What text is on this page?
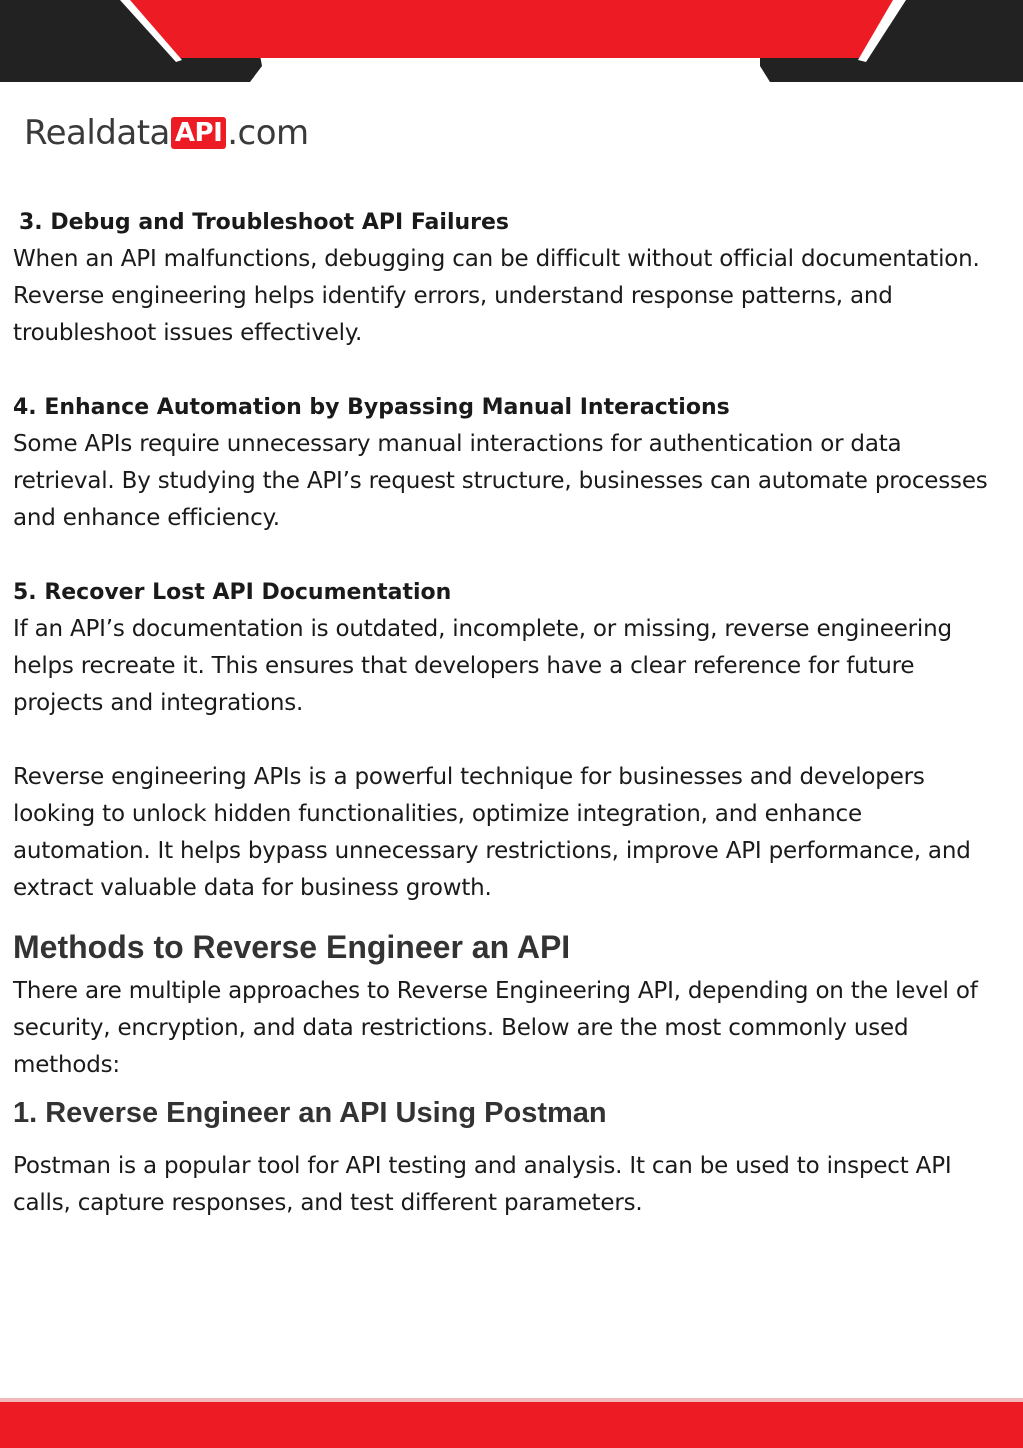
Realdata API .com

3. Debug and Troubleshoot API Failures

When an API malfunctions, debugging can be difficult without official documentation. Reverse engineering helps identify errors, understand response patterns, and troubleshoot issues effectively.

4. Enhance Automation by Bypassing Manual Interactions

Some APIs require unnecessary manual interactions for authentication or data retrieval. By studying the API’s request structure, businesses can automate processes and enhance efficiency.

5. Recover Lost API Documentation

If an API’s documentation is outdated, incomplete, or missing, reverse engineering helps recreate it. This ensures that developers have a clear reference for future projects and integrations.

Reverse engineering APIs is a powerful technique for businesses and developers looking to unlock hidden functionalities, optimize integration, and enhance automation. It helps bypass unnecessary restrictions, improve API performance, and extract valuable data for business growth.

Methods to Reverse Engineer an API

There are multiple approaches to Reverse Engineering API, depending on the level of security, encryption, and data restrictions. Below are the most commonly used methods:

1. Reverse Engineer an API Using Postman

Postman is a popular tool for API testing and analysis. It can be used to inspect API calls, capture responses, and test different parameters.
